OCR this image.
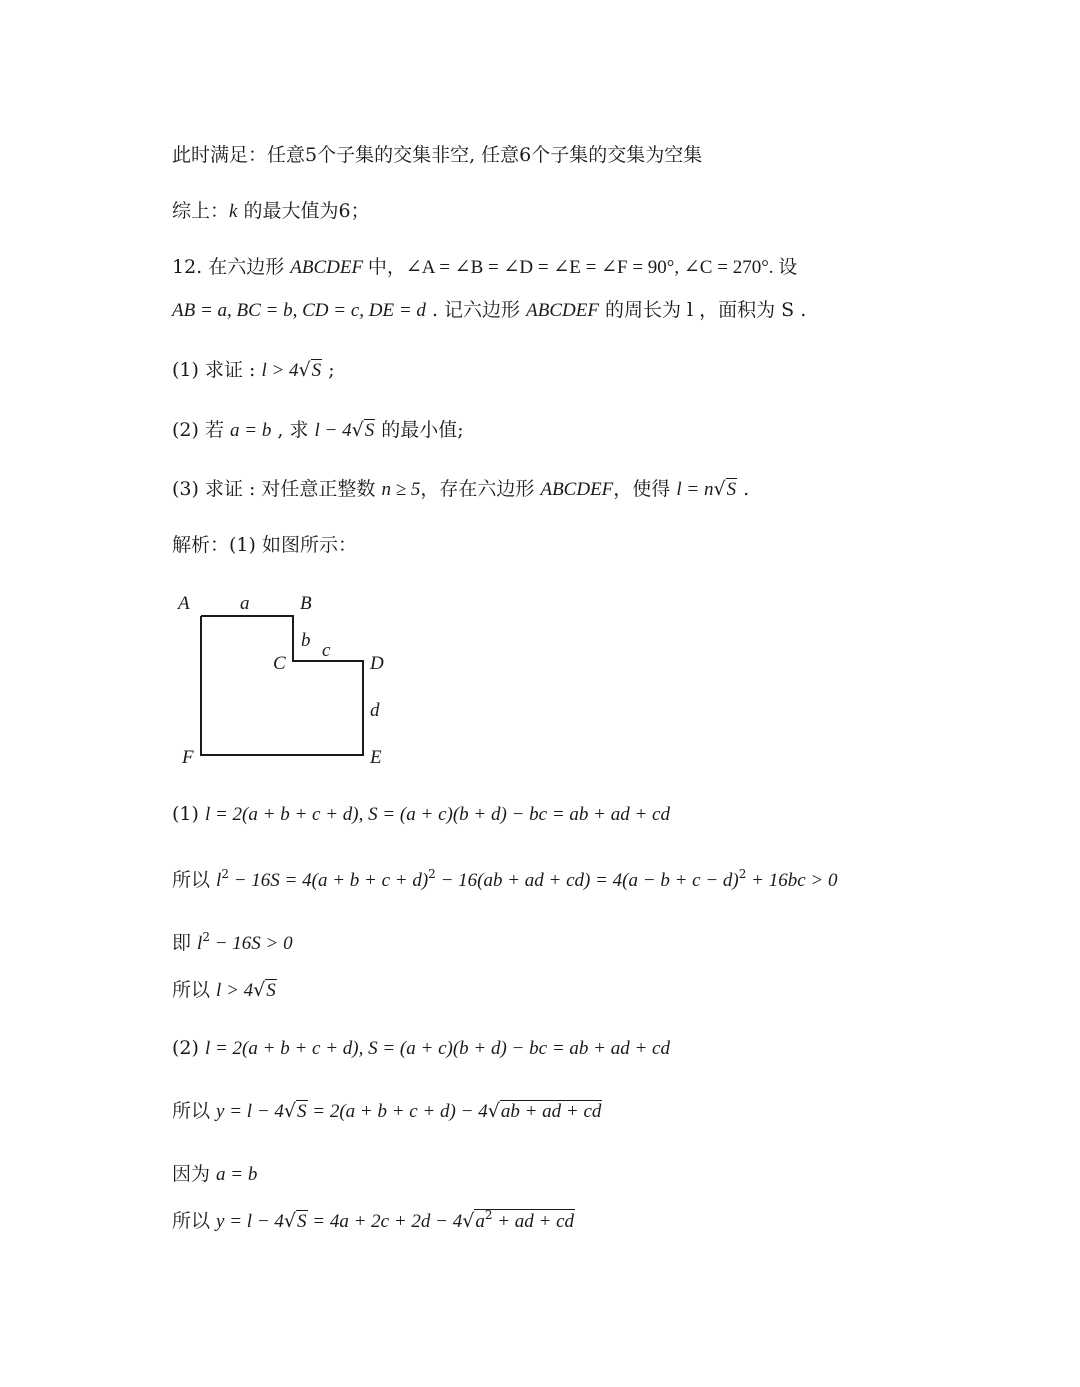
此时满足：任意5个子集的交集非空, 任意6个子集的交集为空集
综上：k 的最大值为6；
12. 在六边形 ABCDEF 中，∠A = ∠B = ∠D = ∠E = ∠F = 90°, ∠C = 270°. 设
AB = a, BC = b, CD = c, DE = d . 记六边形 ABCDEF 的周长为 l ，面积为 S .
(1) 求证 : l > 4√S ;
(2) 若 a = b , 求 l − 4√S 的最小值;
(3) 求证 : 对任意正整数 n ≥ 5，存在六边形 ABCDEF，使得 l = n√S .
解析：(1) 如图所示：
A	a	B
b c
C	D
d
F	E
(1) l = 2(a + b + c + d), S = (a + c)(b + d) − bc = ab + ad + cd
所以 $l^2 - 16S = 4(a + b + c + d)^2 - 16(ab$ + ad + $cd) = 4(a - b + c - d)^2 + 16bc > 0$
即 $l^2 - 16S > 0$
所以 l > 4√S
(2) l = 2(a + b + c + d), S = (a + c)(b + d) − bc = ab + ad + cd
所以 y = l − 4√S = 2(a + b + c + d) − 4√ab + ad + cd
因为 a = b
所以 $y = l - 4√S = 4a + 2c + 2d - 4√a^2$ + ad + cd
